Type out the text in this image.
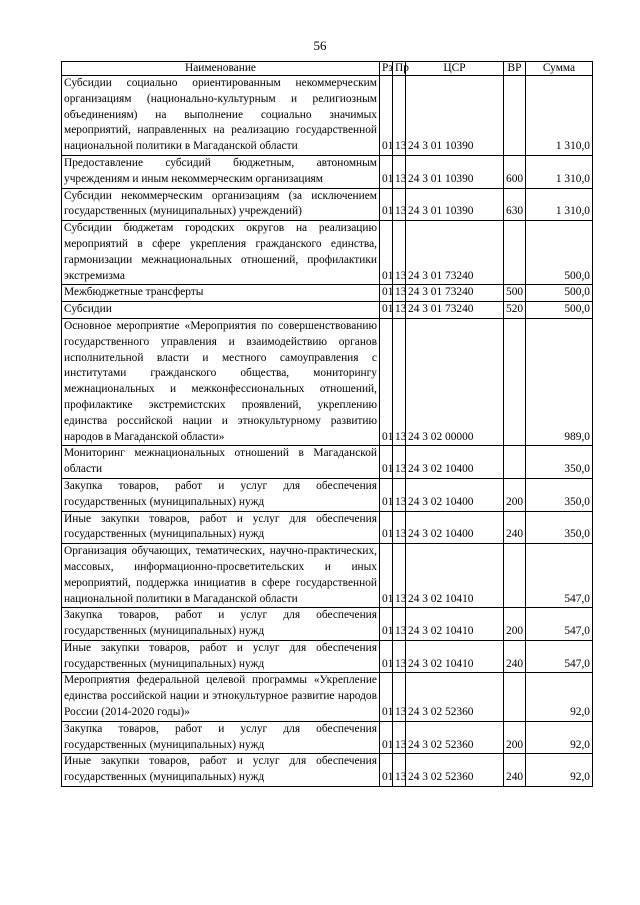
56
Наименование	Рз	Пр	ЦСР	ВР	Сумма
Субсидии социально ориентированным некоммерческим организациям (национально-культурным и религиозным объединениям) на выполнение социально значимых мероприятий, направленных на реализацию государственной национальной политики в Магаданской области	01	13	24 3 01 10390		1 310,0
Предоставление субсидий бюджетным, автономным учреждениям и иным некоммерческим организациям	01	13	24 3 01 10390	600	1 310,0
Субсидии некоммерческим организациям (за исключением государственных (муниципальных) учреждений)	01	13	24 3 01 10390	630	1 310,0
Субсидии бюджетам городских округов на реализацию мероприятий в сфере укрепления гражданского единства, гармонизации межнациональных отношений, профилактики экстремизма	01	13	24 3 01 73240		500,0
Межбюджетные трансферты	01	13	24 3 01 73240	500	500,0
Субсидии	01	13	24 3 01 73240	520	500,0
Основное мероприятие «Мероприятия по совершенствованию государственного управления и взаимодействию органов исполнительной власти и местного самоуправления с институтами гражданского общества, мониторингу межнациональных и межконфессиональных отношений, профилактике экстремистских проявлений, укреплению единства российской нации и этнокультурному развитию народов в Магаданской области»	01	13	24 3 02 00000		989,0
Мониторинг межнациональных отношений в Магаданской области	01	13	24 3 02 10400		350,0
Закупка товаров, работ и услуг для обеспечения государственных (муниципальных) нужд	01	13	24 3 02 10400	200	350,0
Иные закупки товаров, работ и услуг для обеспечения государственных (муниципальных) нужд	01	13	24 3 02 10400	240	350,0
Организация обучающих, тематических, научно-практических, массовых, информационно-просветительских и иных мероприятий, поддержка инициатив в сфере государственной национальной политики в Магаданской области	01	13	24 3 02 10410		547,0
Закупка товаров, работ и услуг для обеспечения государственных (муниципальных) нужд	01	13	24 3 02 10410	200	547,0
Иные закупки товаров, работ и услуг для обеспечения государственных (муниципальных) нужд	01	13	24 3 02 10410	240	547,0
Мероприятия федеральной целевой программы «Укрепление единства российской нации и этнокультурное развитие народов России (2014-2020 годы)»	01	13	24 3 02 52360		92,0
Закупка товаров, работ и услуг для обеспечения государственных (муниципальных) нужд	01	13	24 3 02 52360	200	92,0
Иные закупки товаров, работ и услуг для обеспечения государственных (муниципальных) нужд	01	13	24 3 02 52360	240	92,0
